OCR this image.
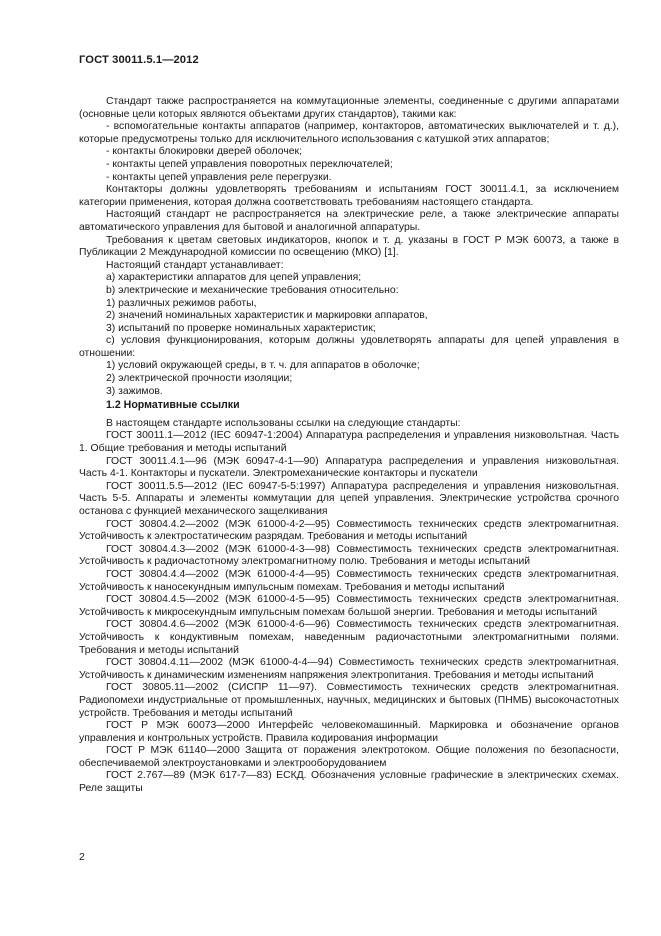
ГОСТ 30011.5.1—2012

Стандарт также распространяется на коммутационные элементы, соединенные с другими аппаратами (основные цели которых являются объектами других стандартов), такими как:

- вспомогательные контакты аппаратов (например, контакторов, автоматических выключателей и т. д.), которые предусмотрены только для исключительного использования с катушкой этих аппаратов;

- контакты блокировки дверей оболочек;

- контакты цепей управления поворотных переключателей;

- контакты цепей управления реле перегрузки.

Контакторы должны удовлетворять требованиям и испытаниям ГОСТ 30011.4.1, за исключением категории применения, которая должна соответствовать требованиям настоящего стандарта.

Настоящий стандарт не распространяется на электрические реле, а также электрические аппараты автоматического управления для бытовой и аналогичной аппаратуры.

Требования к цветам световых индикаторов, кнопок и т. д. указаны в ГОСТ Р МЭК 60073, а также в Публикации 2 Международной комиссии по освещению (МКО) [1].

Настоящий стандарт устанавливает:

а) характеристики аппаратов для цепей управления;

b) электрические и механические требования относительно:

1) различных режимов работы,

2) значений номинальных характеристик и маркировки аппаратов,

3) испытаний по проверке номинальных характеристик;

c) условия функционирования, которым должны удовлетворять аппараты для цепей управления в отношении:

1) условий окружающей среды, в т. ч. для аппаратов в оболочке;

2) электрической прочности изоляции;

3) зажимов.

1.2 Нормативные ссылки

В настоящем стандарте использованы ссылки на следующие стандарты:

ГОСТ 30011.1—2012 (IEC 60947-1:2004) Аппаратура распределения и управления низковольтная. Часть 1. Общие требования и методы испытаний

ГОСТ 30011.4.1—96 (МЭК 60947-4-1—90) Аппаратура распределения и управления низковольтная. Часть 4-1. Контакторы и пускатели. Электромеханические контакторы и пускатели

ГОСТ 30011.5.5—2012 (IEC 60947-5-5:1997) Аппаратура распределения и управления низковольтная. Часть 5-5. Аппараты и элементы коммутации для цепей управления. Электрические устройства срочного останова с функцией механического защелкивания

ГОСТ 30804.4.2—2002 (МЭК 61000-4-2—95) Совместимость технических средств электромагнитная. Устойчивость к электростатическим разрядам. Требования и методы испытаний

ГОСТ 30804.4.3—2002 (МЭК 61000-4-3—98) Совместимость технических средств электромагнитная. Устойчивость к радиочастотному электромагнитному полю. Требования и методы испытаний

ГОСТ 30804.4.4—2002 (МЭК 61000-4-4—95) Совместимость технических средств электромагнитная. Устойчивость к наносекундным импульсным помехам. Требования и методы испытаний

ГОСТ 30804.4.5—2002 (МЭК 61000-4-5—95) Совместимость технических средств электромагнитная. Устойчивость к микросекундным импульсным помехам большой энергии. Требования и методы испытаний

ГОСТ 30804.4.6—2002 (МЭК 61000-4-6—96) Совместимость технических средств электромагнитная. Устойчивость к кондуктивным помехам, наведенным радиочастотными электромагнитными полями. Требования и методы испытаний

ГОСТ 30804.4.11—2002 (МЭК 61000-4-4—94) Совместимость технических средств электромагнитная. Устойчивость к динамическим изменениям напряжения электропитания. Требования и методы испытаний

ГОСТ 30805.11—2002 (СИСПР 11—97). Совместимость технических средств электромагнитная. Радиопомехи индустриальные от промышленных, научных, медицинских и бытовых (ПНМБ) высокочастотных устройств. Требования и методы испытаний

ГОСТ Р МЭК 60073—2000 Интерфейс человекомашинный. Маркировка и обозначение органов управления и контрольных устройств. Правила кодирования информации

ГОСТ Р МЭК 61140—2000 Защита от поражения электротоком. Общие положения по безопасности, обеспечиваемой электроустановками и электрооборудованием

ГОСТ 2.767—89 (МЭК 617-7—83) ЕСКД. Обозначения условные графические в электрических схемах. Реле защиты

2
